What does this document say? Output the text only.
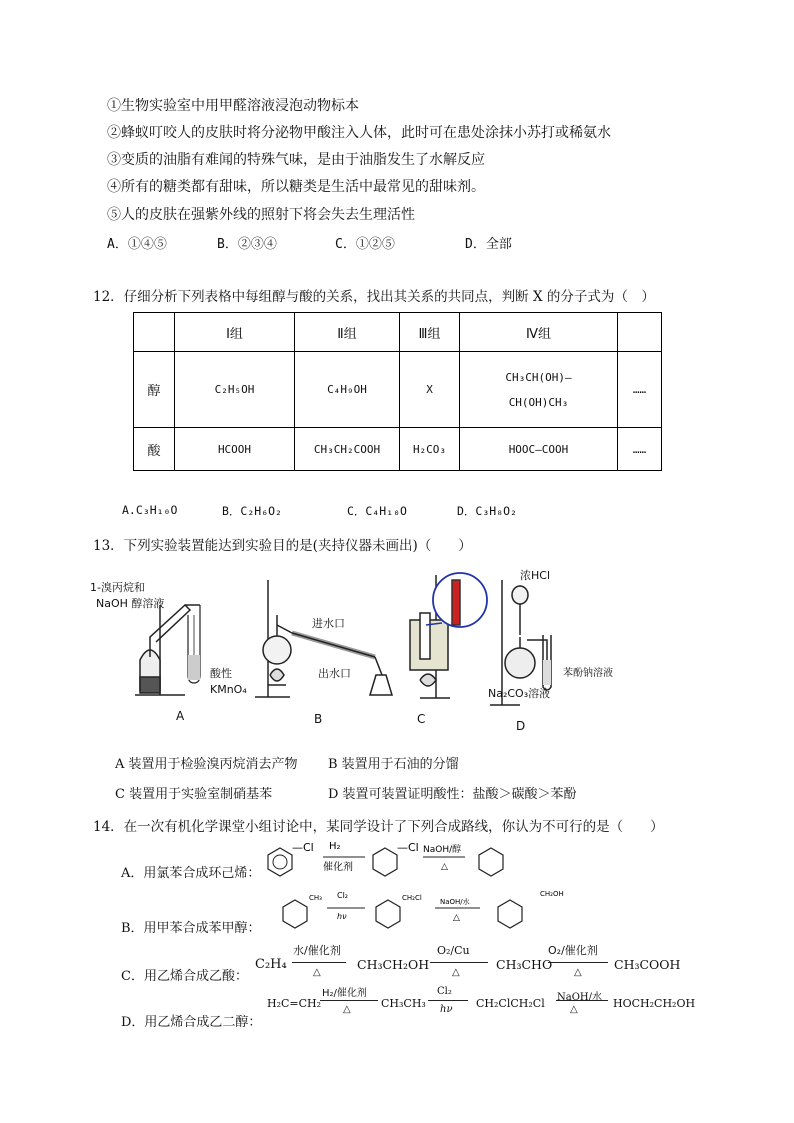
①生物实验室中用甲醛溶液浸泡动物标本
②蜂蚁叮咬人的皮肤时将分泌物甲酸注入人体，此时可在患处涂抹小苏打或稀氨水
③变质的油脂有难闻的特殊气味，是由于油脂发生了水解反应
④所有的糖类都有甜味，所以糖类是生活中最常见的甜味剂。
⑤人的皮肤在强紫外线的照射下将会失去生理活性
A．①④⑤	B．②③④	C．①②⑤	D．全部
12．仔细分析下列表格中每组醇与酸的关系，找出其关系的共同点，判断 X 的分子式为（　）
	Ⅰ组	Ⅱ组	Ⅲ组	Ⅳ组	
醇	C₂H₅OH	C₄H₉OH	X	CH₃CH(OH)—
CH(OH)CH₃	……
酸	HCOOH	CH₃CH₂COOH	H₂CO₃	HOOC—COOH	……
A.C₃H₁₀O	B．C₂H₆O₂	C．C₄H₁₀O	D．C₃H₈O₂
13．下列实验装置能达到实验目的是(夹持仪器未画出)（　　）
1-溴丙烷和
NaOH 醇溶液
酸性
KMnO₄
A
进水口
出水口
B	C
浓HCl
苯酚钠溶液
Na₂CO₃溶液
D
A 装置用于检验溴丙烷消去产物 B 装置用于石油的分馏
C 装置用于实验室制硝基苯	D 装置可装置证明酸性：盐酸＞碳酸＞苯酚
14．在一次有机化学课堂小组讨论中，某同学设计了下列合成路线，你认为不可行的是（　　）
A．用氯苯合成环己烯：
—Cl H₂
催化剂
—Cl NaOH/醇
△
B．用甲苯合成苯甲醇：
CH₃ Cl₂
hν
CH₂Cl	NaOH/水
△
CH₂OH
C．用乙烯合成乙酸：
C₂H₄
水/催化剂
△
CH₃CH₂OH
O₂/Cu
△
CH₃CHO
O₂/催化剂
△
CH₃COOH
D．用乙烯合成乙二醇：
H₂C=CH₂
H₂/催化剂
△	CH₃CH₃
Cl₂
hν CH₂ClCH₂Cl NaOH/水
△	HOCH₂CH₂OH
